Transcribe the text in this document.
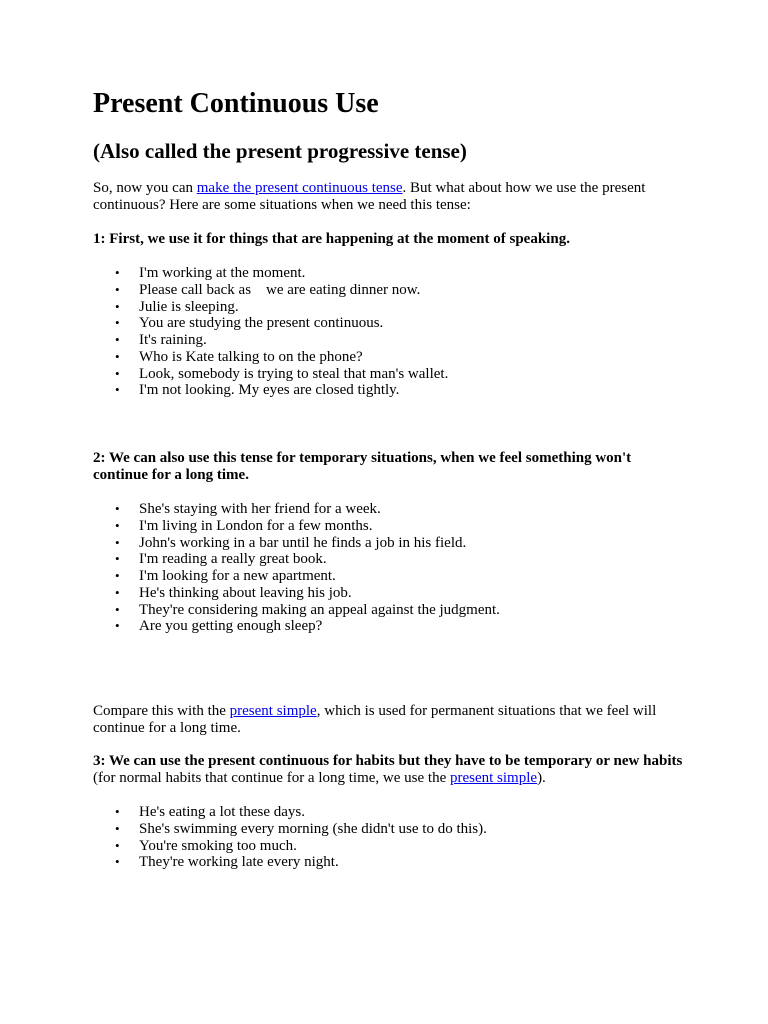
Present Continuous Use
(Also called the present progressive tense)

So, now you can make the present continuous tense. But what about how we use the present continuous? Here are some situations when we need this tense:

1: First, we use it for things that are happening at the moment of speaking.

• I'm working at the moment.
• Please call back as    we are eating dinner now.
• Julie is sleeping.
• You are studying the present continuous.
• It's raining.
• Who is Kate talking to on the phone?
• Look, somebody is trying to steal that man's wallet.
• I'm not looking. My eyes are closed tightly.

2: We can also use this tense for temporary situations, when we feel something won't continue for a long time.

• She's staying with her friend for a week.
• I'm living in London for a few months.
• John's working in a bar until he finds a job in his field.
• I'm reading a really great book.
• I'm looking for a new apartment.
• He's thinking about leaving his job.
• They're considering making an appeal against the judgment.
• Are you getting enough sleep?

Compare this with the present simple, which is used for permanent situations that we feel will continue for a long time.

3: We can use the present continuous for habits but they have to be temporary or new habits (for normal habits that continue for a long time, we use the present simple).

• He's eating a lot these days.
• She's swimming every morning (she didn't use to do this).
• You're smoking too much.
• They're working late every night.
